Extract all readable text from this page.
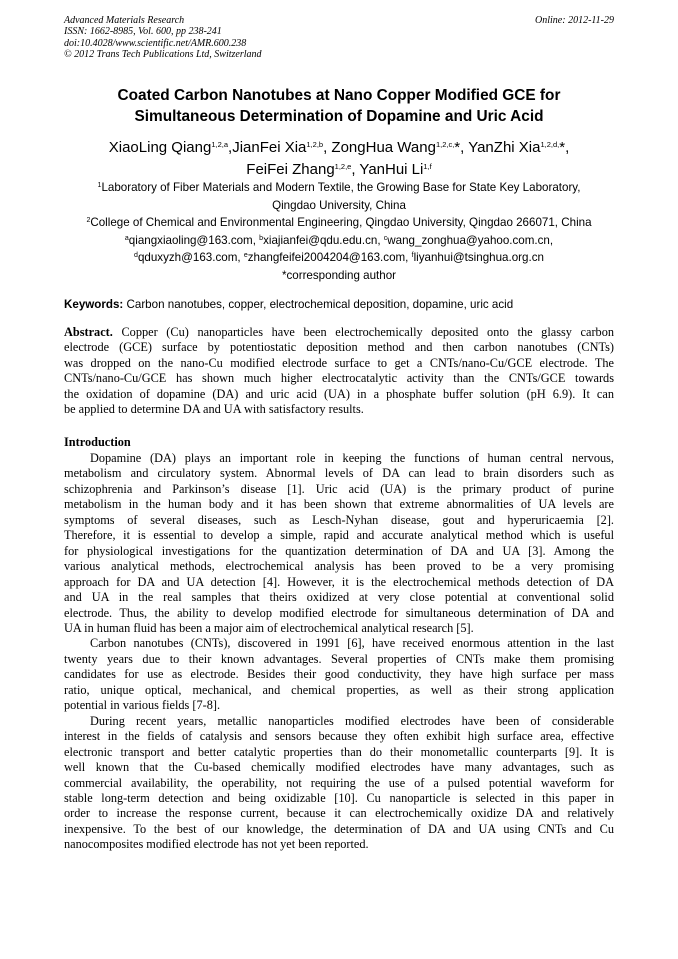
Advanced Materials Research
ISSN: 1662-8985, Vol. 600, pp 238-241
doi:10.4028/www.scientific.net/AMR.600.238
© 2012 Trans Tech Publications Ltd, Switzerland
Online: 2012-11-29
Coated Carbon Nanotubes at Nano Copper Modified GCE for
Simultaneous Determination of Dopamine and Uric Acid
XiaoLing Qiang$^{1,2,a}$,JianFei Xia$^{1,2,b}$, ZongHua Wang$^{1,2,c,}$*, YanZhi Xia$^{1,2,d,}$*,
FeiFei Zhang$^{1,2,e}$, YanHui Li$^{1,f}$
$^1$Laboratory of Fiber Materials and Modern Textile, the Growing Base for State Key Laboratory,
Qingdao University, China
$^2$College of Chemical and Environmental Engineering, Qingdao University, Qingdao 266071, China
$^a$qiangxiaoling@163.com, $^b$xiajianfei@qdu.edu.cn, $^c$wang_zonghua@yahoo.com.cn,
$^d$qduxyzh@163.com, $^e$zhangfeifei2004204@163.com, $^f$liyanhui@tsinghua.org.cn
*corresponding author
Keywords: Carbon nanotubes, copper, electrochemical deposition, dopamine, uric acid
Abstract. Copper (Cu) nanoparticles have been electrochemically deposited onto the glassy carbon
electrode (GCE) surface by potentiostatic deposition method and then carbon nanotubes (CNTs)
was dropped on the nano-Cu modified electrode surface to get a CNTs/nano-Cu/GCE electrode. The
CNTs/nano-Cu/GCE has shown much higher electrocatalytic activity than the CNTs/GCE towards
the oxidation of dopamine (DA) and uric acid (UA) in a phosphate buffer solution (pH 6.9). It can
be applied to determine DA and UA with satisfactory results.
Introduction
Dopamine (DA) plays an important role in keeping the functions of human central nervous,
metabolism and circulatory system. Abnormal levels of DA can lead to brain disorders such as
schizophrenia and Parkinson’s disease [1]. Uric acid (UA) is the primary product of purine
metabolism in the human body and it has been shown that extreme abnormalities of UA levels are
symptoms of several diseases, such as Lesch-Nyhan disease, gout and hyperuricaemia [2].
Therefore, it is essential to develop a simple, rapid and accurate analytical method which is useful
for physiological investigations for the quantization determination of DA and UA [3]. Among the
various analytical methods, electrochemical analysis has been proved to be a very promising
approach for DA and UA detection [4]. However, it is the electrochemical methods detection of DA
and UA in the real samples that theirs oxidized at very close potential at conventional solid
electrode. Thus, the ability to develop modified electrode for simultaneous determination of DA and
UA in human fluid has been a major aim of electrochemical analytical research [5].
Carbon nanotubes (CNTs), discovered in 1991 [6], have received enormous attention in the last
twenty years due to their known advantages. Several properties of CNTs make them promising
candidates for use as electrode. Besides their good conductivity, they have high surface per mass
ratio, unique optical, mechanical, and chemical properties, as well as their strong application
potential in various fields [7-8].
During recent years, metallic nanoparticles modified electrodes have been of considerable
interest in the fields of catalysis and sensors because they often exhibit high surface area, effective
electronic transport and better catalytic properties than do their monometallic counterparts [9]. It is
well known that the Cu-based chemically modified electrodes have many advantages, such as
commercial availability, the operability, not requiring the use of a pulsed potential waveform for
stable long-term detection and being oxidizable [10]. Cu nanoparticle is selected in this paper in
order to increase the response current, because it can electrochemically oxidize DA and relatively
inexpensive. To the best of our knowledge, the determination of DA and UA using CNTs and Cu
nanocomposites modified electrode has not yet been reported.
